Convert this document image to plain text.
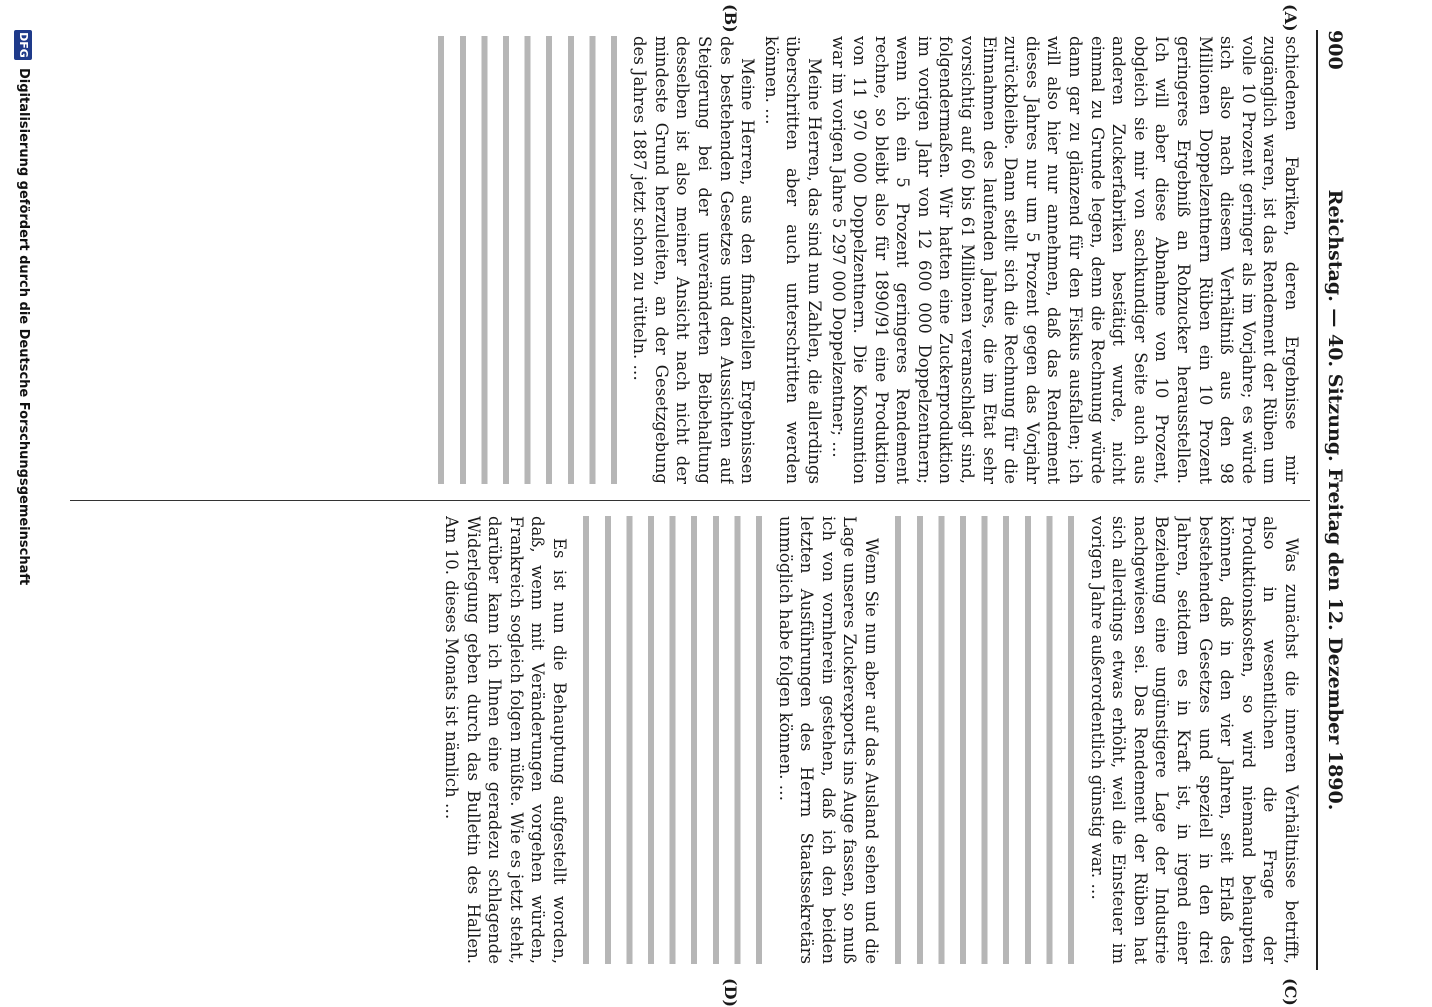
900
Reichstag. — 40. Sitzung. Freitag den 12. Dezember 1890.
(A)
(B)
(C)
(D)

schiedenen Fabriken, deren Ergebnisse mir zugänglich waren, ist das Rendement der Rüben um volle 10 Prozent geringer als im Vorjahre; es würde sich also nach diesem Verhältniß aus den 98 Millionen Doppelzentnern Rüben ein 10 Prozent geringeres Ergebniß an Rohzucker herausstellen. Ich will aber diese Abnahme von 10 Prozent, obgleich sie mir von sachkundiger Seite auch aus anderen Zuckerfabriken bestätigt wurde, nicht einmal zu Grunde legen, denn die Rechnung würde dann gar zu glänzend für den Fiskus ausfallen; ich will also hier nur annehmen, daß das Rendement dieses Jahres nur um 5 Prozent gegen das Vorjahr zurückbleibe. Dann stellt sich die Rechnung für die Einnahmen des laufenden Jahres, die im Etat sehr vorsichtig auf 60 bis 61 Millionen veranschlagt sind, folgendermaßen. Wir hatten eine Zuckerproduktion im vorigen Jahr von 12 600 000 Doppelzentnern; wenn ich ein 5 Prozent geringeres Rendement rechne, so bleibt also für 1890/91 eine Produktion von 11 970 000 Doppelzentnern. Die Konsumtion war im vorigen Jahre 5 297 000 Doppelzentner; …

Meine Herren, das sind nun Zahlen, die allerdings überschritten aber auch unterschritten werden können. …

Meine Herren, aus den finanziellen Ergebnissen des bestehenden Gesetzes und den Aussichten auf Steigerung bei der unveränderten Beibehaltung desselben ist also meiner Ansicht nach nicht der mindeste Grund herzuleiten, an der Gesetzgebung des Jahres 1887 jetzt schon zu rütteln. …

Was zunächst die inneren Verhältnisse betrifft, also in wesentlichen die Frage der Produktionskosten, so wird niemand behaupten können, daß in den vier Jahren, seit Erlaß des bestehenden Gesetzes und speziell in den drei Jahren, seitdem es in Kraft ist, in irgend einer Beziehung eine ungünstigere Lage der Industrie nachgewiesen sei. Das Rendement der Rüben hat sich allerdings etwas erhöht, weil die Einsteuer im vorigen Jahre außerordentlich günstig war. …

Wenn Sie nun aber auf das Ausland sehen und die Lage unseres Zuckerexports ins Auge fassen, so muß ich von vornherein gestehen, daß ich den beiden letzten Ausführungen des Herrn Staatssekretärs unmöglich habe folgen können. …

Es ist nun die Behauptung aufgestellt worden, daß, wenn mit Veränderungen vorgehen würden, Frankreich sogleich folgen müßte. Wie es jetzt steht, darüber kann ich Ihnen eine geradezu schlagende Widerlegung geben durch das Bulletin des Hallen. Am 10. dieses Monats ist nämlich …

DFG
Digitalisierung gefördert durch die Deutsche Forschungsgemeinschaft
